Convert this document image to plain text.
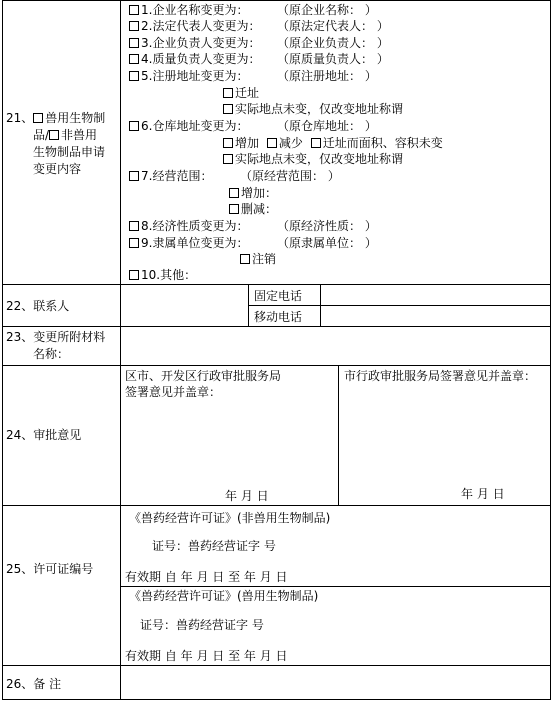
21、 兽用生物制
品/ 非兽用
生物制品申请
变更内容
1.企业名称变更为： （原企业名称： ）
2.法定代表人变更为： （原法定代表人： ）
3.企业负责人变更为： （原企业负责人： ）
4.质量负责人变更为： （原质量负责人： ）
5.注册地址变更为： （原注册地址： ）
迁址
实际地点未变，仅改变地址称谓
6.仓库地址变更为： （原仓库地址： ）
增加 减少 迁址而面积、容积未变
实际地点未变，仅改变地址称谓
7.经营范围： （原经营范围： ）
增加：
删减：
8.经济性质变更为： （原经济性质： ）
9.隶属单位变更为： （原隶属单位： ）
注销
10.其他：
22、联系人
固定电话
移动电话
23、变更所附材料
名称：
24、审批意见
区市、开发区行政审批服务局
签署意见并盖章：
市行政审批服务局签署意见并盖章：
年 月 日	年 月 日
25、许可证编号
《兽药经营许可证》(非兽用生物制品)
证号：兽药经营证字 号
有效期 自 年 月 日 至 年 月 日
《兽药经营许可证》(兽用生物制品)
证号：兽药经营证字 号
有效期 自 年 月 日 至 年 月 日
26、备 注
